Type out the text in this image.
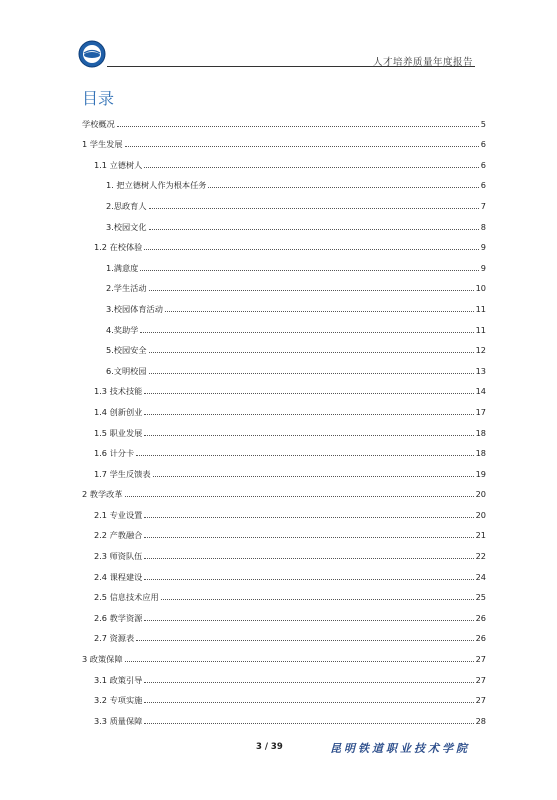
人才培养质量年度报告
目录
学校概况	5
1 学生发展	6
1.1 立德树人	6
1. 把立德树人作为根本任务	6
2.思政育人	7
3.校园文化	8
1.2 在校体验	9
1.满意度	9
2.学生活动	10
3.校园体育活动	11
4.奖助学	11
5.校园安全	12
6.文明校园	13
1.3 技术技能	14
1.4 创新创业	17
1.5 职业发展	18
1.6 计分卡	18
1.7 学生反馈表	19
2 教学改革	20
2.1 专业设置	20
2.2 产教融合	21
2.3 师资队伍	22
2.4 课程建设	24
2.5 信息技术应用	25
2.6 教学资源	26
2.7 资源表	26
3 政策保障	27
3.1 政策引导	27
3.2 专项实施	27
3.3 质量保障	28
3 / 39	昆明铁道职业技术学院
